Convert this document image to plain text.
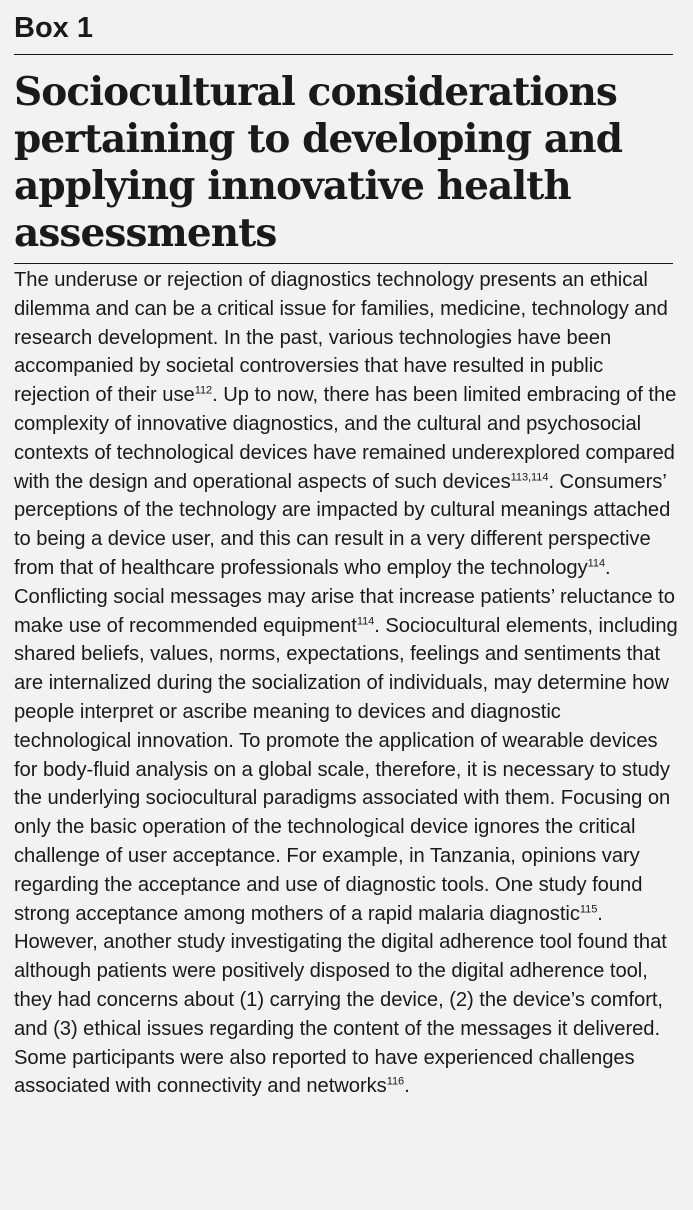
Box 1
Sociocultural considerations pertaining to developing and applying innovative health assessments

The underuse or rejection of diagnostics technology presents an ethical dilemma and can be a critical issue for families, medicine, technology and research development. In the past, various technologies have been accompanied by societal controversies that have resulted in public rejection of their use$^{112}$. Up to now, there has been limited embracing of the complexity of innovative diagnostics, and the cultural and psychosocial contexts of technological devices have remained underexplored compared with the design and operational aspects of such devices$^{113,114}$. Consumers’ perceptions of the technology are impacted by cultural meanings attached to being a device user, and this can result in a very different perspective from that of healthcare professionals who employ the technology$^{114}$. Conflicting social messages may arise that increase patients’ reluctance to make use of recommended equipment$^{114}$. Sociocultural elements, including shared beliefs, values, norms, expectations, feelings and sentiments that are internalized during the socialization of individuals, may determine how people interpret or ascribe meaning to devices and diagnostic technological innovation. To promote the application of wearable devices for body-fluid analysis on a global scale, therefore, it is necessary to study the underlying sociocultural paradigms associated with them. Focusing on only the basic operation of the technological device ignores the critical challenge of user acceptance. For example, in Tanzania, opinions vary regarding the acceptance and use of diagnostic tools. One study found strong acceptance among mothers of a rapid malaria diagnostic$^{115}$. However, another study investigating the digital adherence tool found that although patients were positively disposed to the digital adherence tool, they had concerns about (1) carrying the device, (2) the device’s comfort, and (3) ethical issues regarding the content of the messages it delivered. Some participants were also reported to have experienced challenges associated with connectivity and networks$^{116}$.
